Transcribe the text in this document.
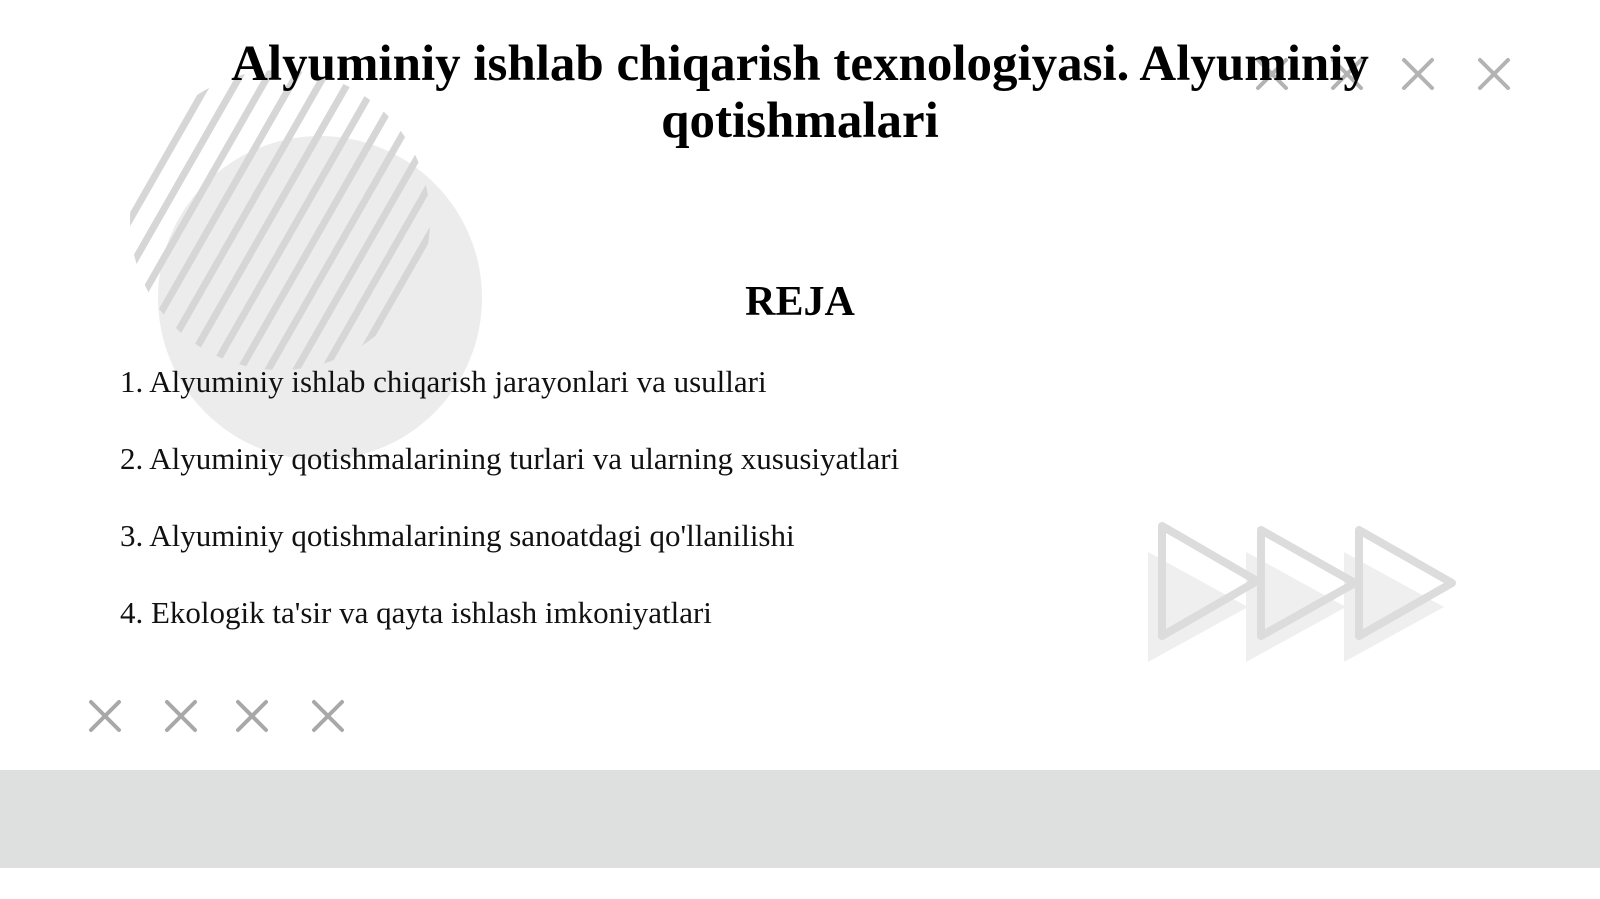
Alyuminiy ishlab chiqarish texnologiyasi. Alyuminiy qotishmalari
REJA
1. Alyuminiy ishlab chiqarish jarayonlari va usullari
2. Alyuminiy qotishmalarining turlari va ularning xususiyatlari
3. Alyuminiy qotishmalarining sanoatdagi qo'llanilishi
4. Ekologik ta'sir va qayta ishlash imkoniyatlari
